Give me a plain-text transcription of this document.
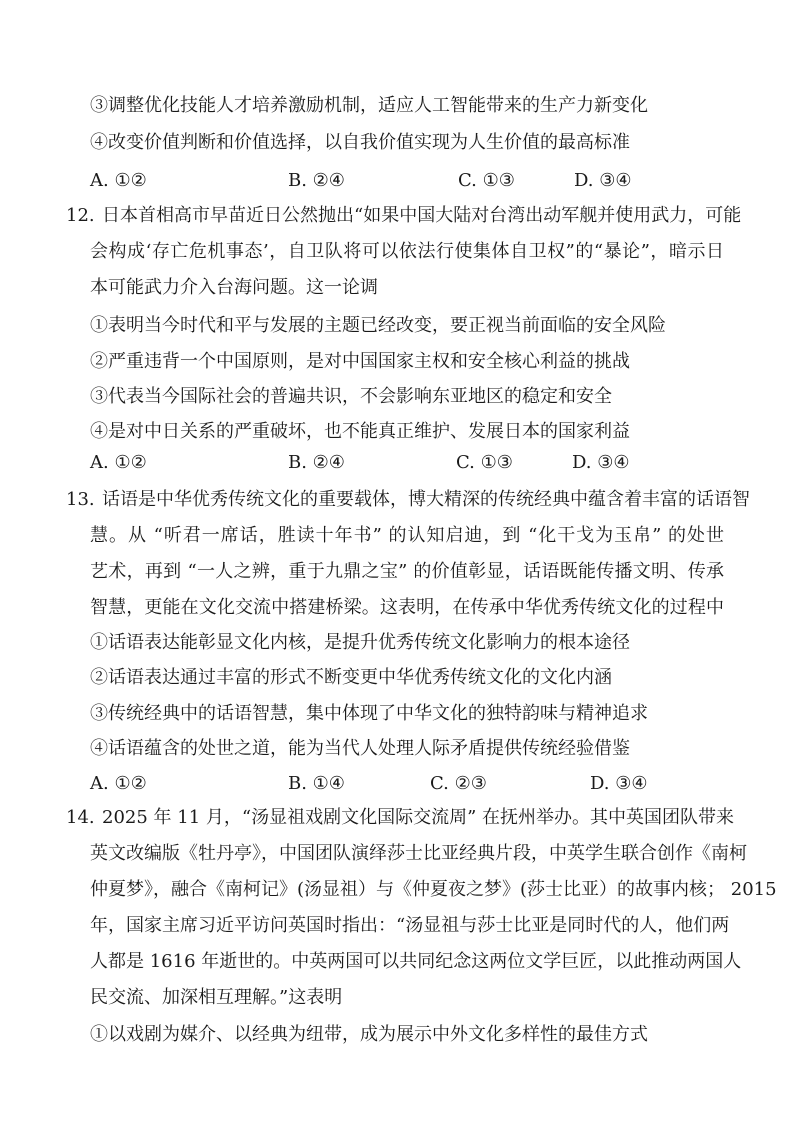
③调整优化技能人才培养激励机制，适应人工智能带来的生产力新变化
④改变价值判断和价值选择，以自我价值实现为人生价值的最高标准
A. ①②	B. ②④	C. ①③	D. ③④
12. 日本首相高市早苗近日公然抛出“如果中国大陆对台湾出动军舰并使用武力，可能
会构成‘存亡危机事态’，自卫队将可以依法行使集体自卫权”的“暴论”，暗示日
本可能武力介入台海问题。这一论调
①表明当今时代和平与发展的主题已经改变，要正视当前面临的安全风险
②严重违背一个中国原则，是对中国国家主权和安全核心利益的挑战
③代表当今国际社会的普遍共识，不会影响东亚地区的稳定和安全
④是对中日关系的严重破坏，也不能真正维护、发展日本的国家利益
A. ①②	B. ②④	C. ①③	D. ③④
13. 话语是中华优秀传统文化的重要载体，博大精深的传统经典中蕴含着丰富的话语智
慧。从 “听君一席话，胜读十年书” 的认知启迪，到 “化干戈为玉帛” 的处世
艺术，再到 “一人之辨，重于九鼎之宝” 的价值彰显，话语既能传播文明、传承
智慧，更能在文化交流中搭建桥梁。这表明，在传承中华优秀传统文化的过程中
①话语表达能彰显文化内核，是提升优秀传统文化影响力的根本途径
②话语表达通过丰富的形式不断变更中华优秀传统文化的文化内涵
③传统经典中的话语智慧，集中体现了中华文化的独特韵味与精神追求
④话语蕴含的处世之道，能为当代人处理人际矛盾提供传统经验借鉴
A. ①②	B. ①④	C. ②③	D. ③④
14. 2025 年 11 月，“汤显祖戏剧文化国际交流周” 在抚州举办。其中英国团队带来
英文改编版《牡丹亭》，中国团队演绎莎士比亚经典片段，中英学生联合创作《南柯
仲夏梦》，融合《南柯记》(汤显祖）与《仲夏夜之梦》(莎士比亚）的故事内核； 2015
年，国家主席习近平访问英国时指出：“汤显祖与莎士比亚是同时代的人，他们两
人都是 1616 年逝世的。中英两国可以共同纪念这两位文学巨匠，以此推动两国人
民交流、加深相互理解。”这表明
①以戏剧为媒介、以经典为纽带，成为展示中外文化多样性的最佳方式
